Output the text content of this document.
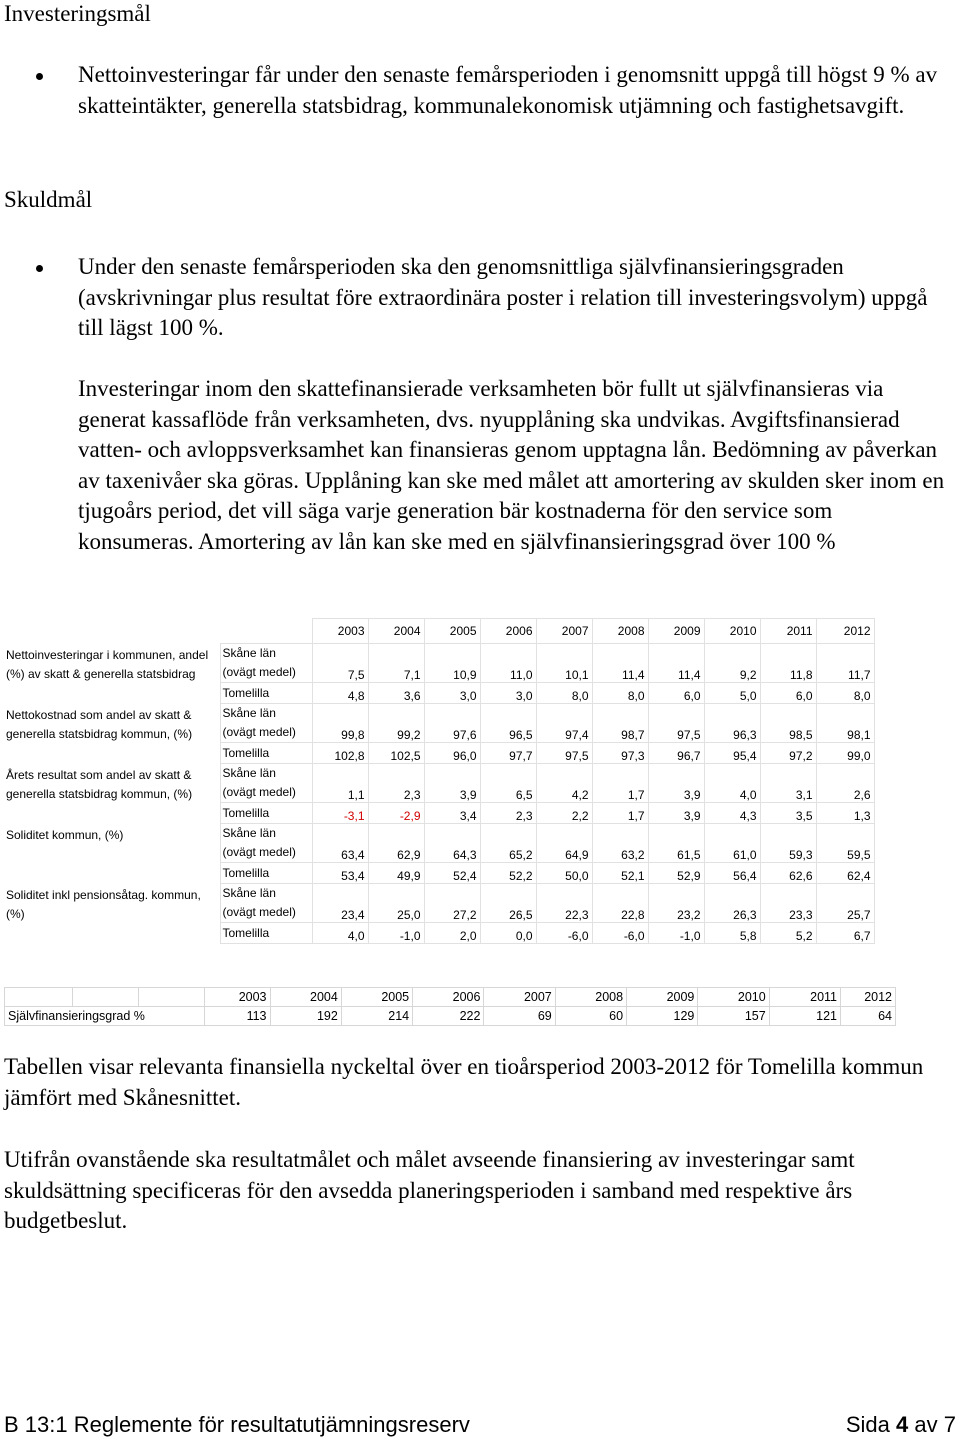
Investeringsmål
Nettoinvesteringar får under den senaste femårsperioden i genomsnitt uppgå till högst 9 % av skatteintäkter, generella statsbidrag, kommunalekonomisk utjämning och fastighetsavgift.
Skuldmål
Under den senaste femårsperioden ska den genomsnittliga självfinansieringsgraden (avskrivningar plus resultat före extraordinära poster i relation till investeringsvolym) uppgå till lägst 100 %.
Investeringar inom den skattefinansierade verksamheten bör fullt ut självfinansieras via generat kassaflöde från verksamheten, dvs. nyupplåning ska undvikas. Avgiftsfinansierad vatten- och avloppsverksamhet kan finansieras genom upptagna lån. Bedömning av påverkan av taxenivåer ska göras. Upplåning kan ske med målet att amortering av skulden sker inom en tjugoårs period, det vill säga varje generation bär kostnaderna för den service som konsumeras. Amortering av lån kan ske med en självfinansieringsgrad över 100 %
		2003	2004	2005	2006	2007	2008	2009	2010	2011	2012
Nettoinvesteringar i kommunen, andel (%) av skatt & generella statsbidrag	Skåne län (ovägt medel)	7,5	7,1	10,9	11,0	10,1	11,4	11,4	9,2	11,8	11,7
	Tomelilla	4,8	3,6	3,0	3,0	8,0	8,0	6,0	5,0	6,0	8,0
Nettokostnad som andel av skatt & generella statsbidrag kommun, (%)	Skåne län (ovägt medel)	99,8	99,2	97,6	96,5	97,4	98,7	97,5	96,3	98,5	98,1
	Tomelilla	102,8	102,5	96,0	97,7	97,5	97,3	96,7	95,4	97,2	99,0
Årets resultat som andel av skatt & generella statsbidrag kommun, (%)	Skåne län (ovägt medel)	1,1	2,3	3,9	6,5	4,2	1,7	3,9	4,0	3,1	2,6
	Tomelilla	-3,1	-2,9	3,4	2,3	2,2	1,7	3,9	4,3	3,5	1,3
Soliditet kommun, (%)	Skåne län (ovägt medel)	63,4	62,9	64,3	65,2	64,9	63,2	61,5	61,0	59,3	59,5
	Tomelilla	53,4	49,9	52,4	52,2	50,0	52,1	52,9	56,4	62,6	62,4
Soliditet inkl pensionsåtag. kommun, (%)	Skåne län (ovägt medel)	23,4	25,0	27,2	26,5	22,3	22,8	23,2	26,3	23,3	25,7
	Tomelilla	4,0	-1,0	2,0	0,0	-6,0	-6,0	-1,0	5,8	5,2	6,7
			2003	2004	2005	2006	2007	2008	2009	2010	2011	2012
Självfinansieringsgrad %			113	192	214	222	69	60	129	157	121	64
Tabellen visar relevanta finansiella nyckeltal över en tioårsperiod 2003-2012 för Tomelilla kommun jämfört med Skånesnittet.
Utifrån ovanstående ska resultatmålet och målet avseende finansiering av investeringar samt skuldsättning specificeras för den avsedda planeringsperioden i samband med respektive års budgetbeslut.
B 13:1 Reglemente för resultatutjämningsreserv	Sida 4 av 7
